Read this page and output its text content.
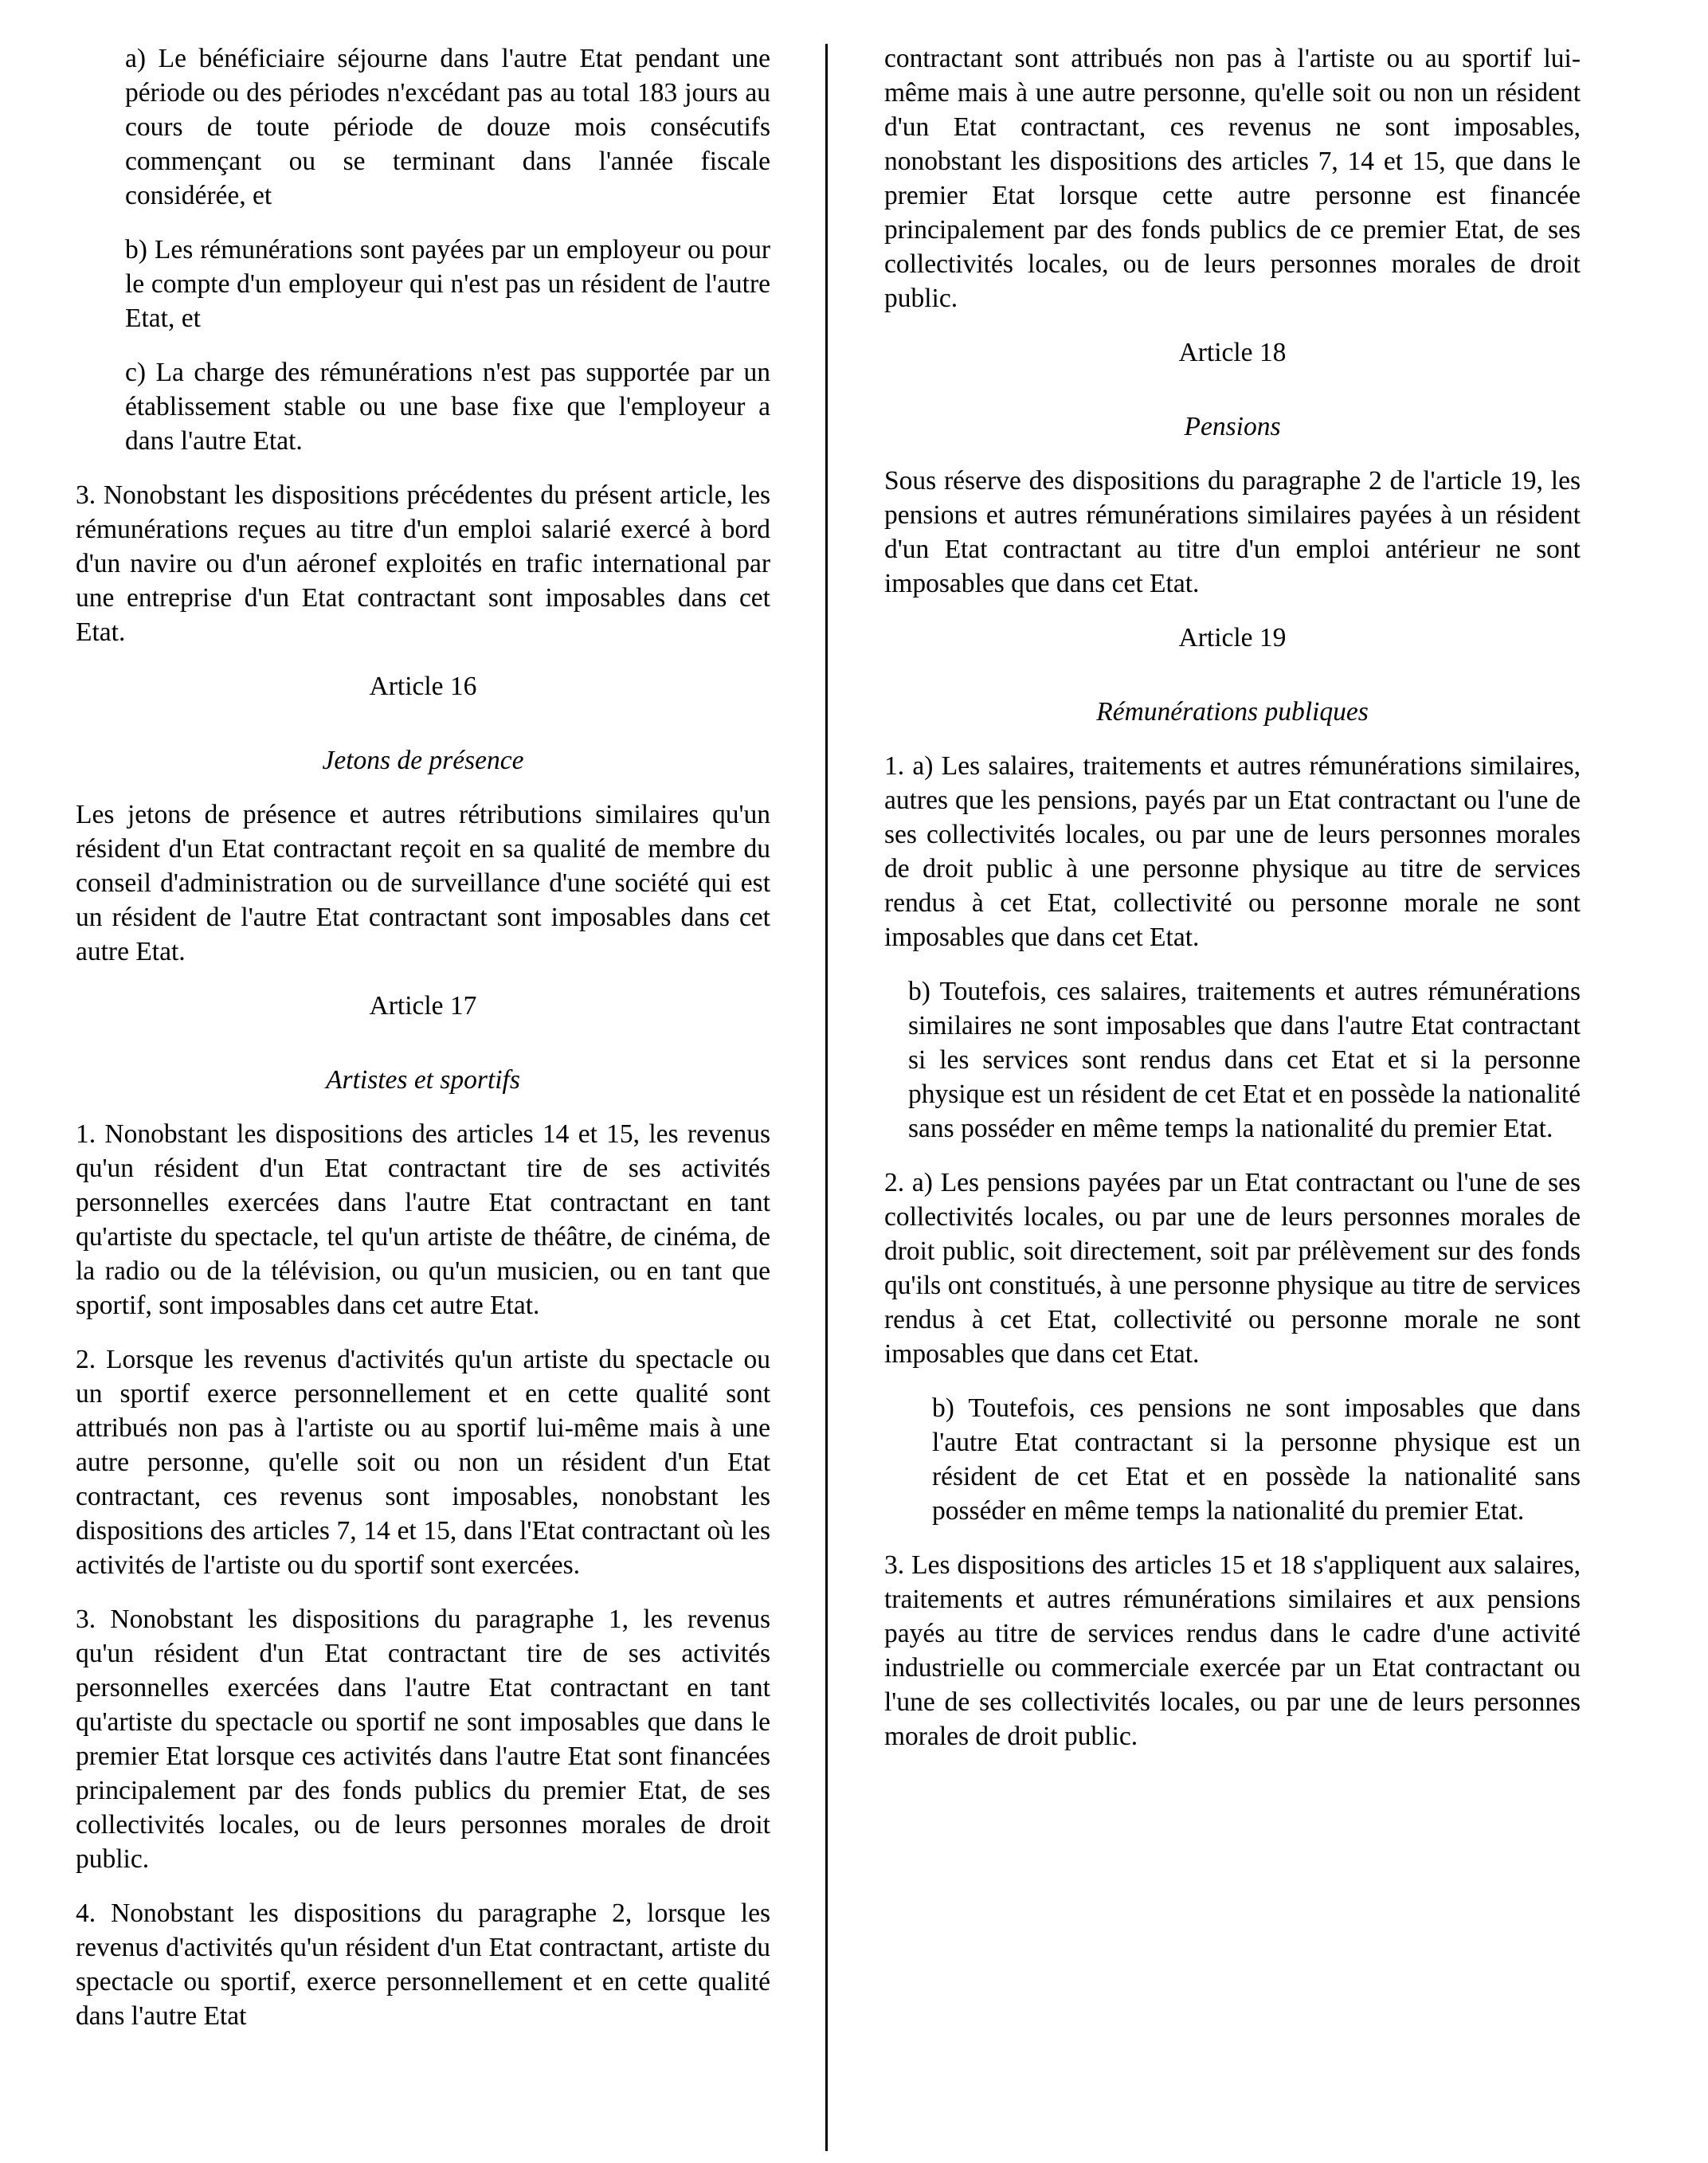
a) Le bénéficiaire séjourne dans l'autre Etat pendant une période ou des périodes n'excédant pas au total 183 jours au cours de toute période de douze mois consécutifs commençant ou se terminant dans l'année fiscale considérée, et

b) Les rémunérations sont payées par un employeur ou pour le compte d'un employeur qui n'est pas un résident de l'autre Etat, et

c) La charge des rémunérations n'est pas supportée par un établissement stable ou une base fixe que l'employeur a dans l'autre Etat.

3. Nonobstant les dispositions précédentes du présent article, les rémunérations reçues au titre d'un emploi salarié exercé à bord d'un navire ou d'un aéronef exploités en trafic international par une entreprise d'un Etat contractant sont imposables dans cet Etat.

Article 16
Jetons de présence

Les jetons de présence et autres rétributions similaires qu'un résident d'un Etat contractant reçoit en sa qualité de membre du conseil d'administration ou de surveillance d'une société qui est un résident de l'autre Etat contractant sont imposables dans cet autre Etat.

Article 17
Artistes et sportifs

1. Nonobstant les dispositions des articles 14 et 15, les revenus qu'un résident d'un Etat contractant tire de ses activités personnelles exercées dans l'autre Etat contractant en tant qu'artiste du spectacle, tel qu'un artiste de théâtre, de cinéma, de la radio ou de la télévision, ou qu'un musicien, ou en tant que sportif, sont imposables dans cet autre Etat.

2. Lorsque les revenus d'activités qu'un artiste du spectacle ou un sportif exerce personnellement et en cette qualité sont attribués non pas à l'artiste ou au sportif lui-même mais à une autre personne, qu'elle soit ou non un résident d'un Etat contractant, ces revenus sont imposables, nonobstant les dispositions des articles 7, 14 et 15, dans l'Etat contractant où les activités de l'artiste ou du sportif sont exercées.

3. Nonobstant les dispositions du paragraphe 1, les revenus qu'un résident d'un Etat contractant tire de ses activités personnelles exercées dans l'autre Etat contractant en tant qu'artiste du spectacle ou sportif ne sont imposables que dans le premier Etat lorsque ces activités dans l'autre Etat sont financées principalement par des fonds publics du premier Etat, de ses collectivités locales, ou de leurs personnes morales de droit public.

4. Nonobstant les dispositions du paragraphe 2, lorsque les revenus d'activités qu'un résident d'un Etat contractant, artiste du spectacle ou sportif, exerce personnellement et en cette qualité dans l'autre Etat

contractant sont attribués non pas à l'artiste ou au sportif lui-même mais à une autre personne, qu'elle soit ou non un résident d'un Etat contractant, ces revenus ne sont imposables, nonobstant les dispositions des articles 7, 14 et 15, que dans le premier Etat lorsque cette autre personne est financée principalement par des fonds publics de ce premier Etat, de ses collectivités locales, ou de leurs personnes morales de droit public.

Article 18
Pensions

Sous réserve des dispositions du paragraphe 2 de l'article 19, les pensions et autres rémunérations similaires payées à un résident d'un Etat contractant au titre d'un emploi antérieur ne sont imposables que dans cet Etat.

Article 19
Rémunérations publiques

1. a) Les salaires, traitements et autres rémunérations similaires, autres que les pensions, payés par un Etat contractant ou l'une de ses collectivités locales, ou par une de leurs personnes morales de droit public à une personne physique au titre de services rendus à cet Etat, collectivité ou personne morale ne sont imposables que dans cet Etat.

b) Toutefois, ces salaires, traitements et autres rémunérations similaires ne sont imposables que dans l'autre Etat contractant si les services sont rendus dans cet Etat et si la personne physique est un résident de cet Etat et en possède la nationalité sans posséder en même temps la nationalité du premier Etat.

2. a) Les pensions payées par un Etat contractant ou l'une de ses collectivités locales, ou par une de leurs personnes morales de droit public, soit directement, soit par prélèvement sur des fonds qu'ils ont constitués, à une personne physique au titre de services rendus à cet Etat, collectivité ou personne morale ne sont imposables que dans cet Etat.

b) Toutefois, ces pensions ne sont imposables que dans l'autre Etat contractant si la personne physique est un résident de cet Etat et en possède la nationalité sans posséder en même temps la nationalité du premier Etat.

3. Les dispositions des articles 15 et 18 s'appliquent aux salaires, traitements et autres rémunérations similaires et aux pensions payés au titre de services rendus dans le cadre d'une activité industrielle ou commerciale exercée par un Etat contractant ou l'une de ses collectivités locales, ou par une de leurs personnes morales de droit public.
